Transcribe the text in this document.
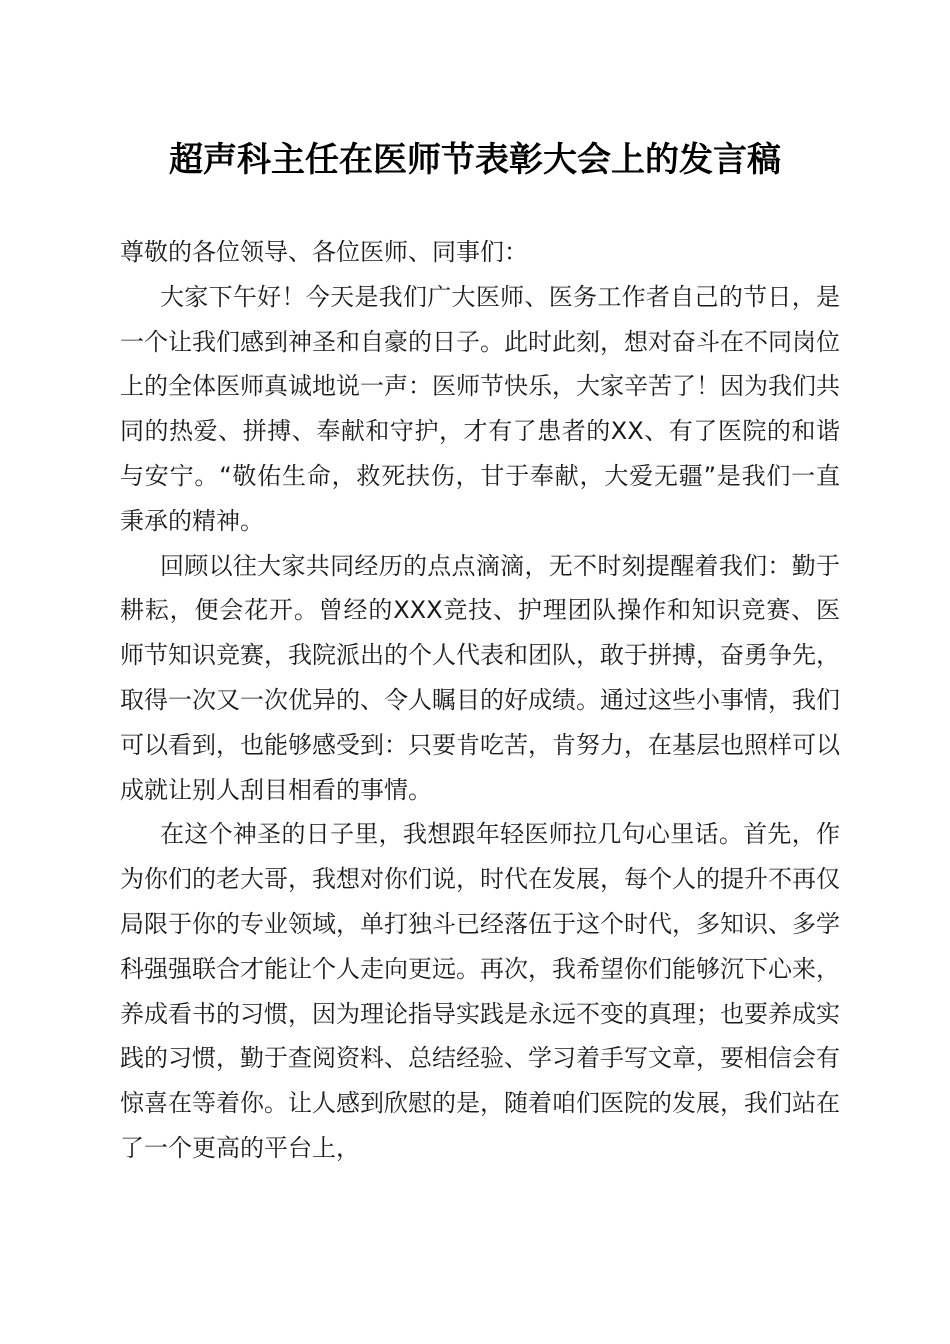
超声科主任在医师节表彰大会上的发言稿

尊敬的各位领导、各位医师、同事们：

大家下午好！今天是我们广大医师、医务工作者自己的节日，是一个让我们感到神圣和自豪的日子。此时此刻，想对奋斗在不同岗位上的全体医师真诚地说一声：医师节快乐，大家辛苦了！因为我们共同的热爱、拼搏、奉献和守护，才有了患者的XX、有了医院的和谐与安宁。“敬佑生命，救死扶伤，甘于奉献，大爱无疆”是我们一直秉承的精神。

回顾以往大家共同经历的点点滴滴，无不时刻提醒着我们：勤于耕耘，便会花开。曾经的XXX竞技、护理团队操作和知识竞赛、医师节知识竞赛，我院派出的个人代表和团队，敢于拼搏，奋勇争先，取得一次又一次优异的、令人瞩目的好成绩。通过这些小事情，我们可以看到，也能够感受到：只要肯吃苦，肯努力，在基层也照样可以成就让别人刮目相看的事情。

在这个神圣的日子里，我想跟年轻医师拉几句心里话。首先，作为你们的老大哥，我想对你们说，时代在发展，每个人的提升不再仅局限于你的专业领域，单打独斗已经落伍于这个时代，多知识、多学科强强联合才能让个人走向更远。再次，我希望你们能够沉下心来，养成看书的习惯，因为理论指导实践是永远不变的真理；也要养成实践的习惯，勤于查阅资料、总结经验、学习着手写文章，要相信会有惊喜在等着你。让人感到欣慰的是，随着咱们医院的发展，我们站在了一个更高的平台上，
